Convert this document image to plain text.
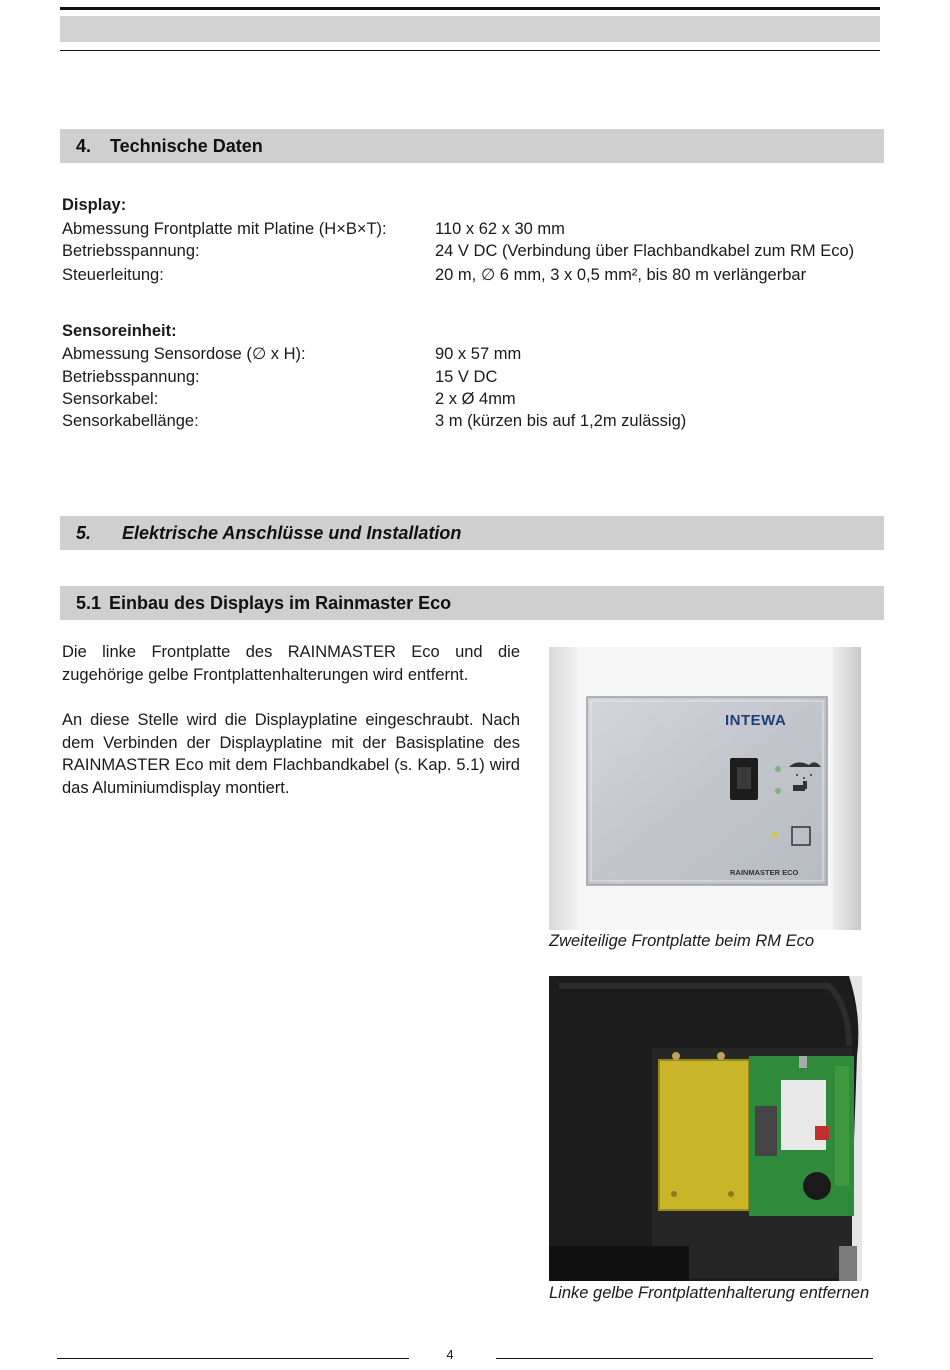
4. Technische Daten
Display:
Abmessung Frontplatte mit Platine (H×B×T):	110 x 62 x 30 mm
Betriebsspannung:	24 V DC (Verbindung über Flachbandkabel zum RM Eco)
Steuerleitung:	20 m, ∅ 6 mm, 3 x 0,5 mm², bis 80 m verlängerbar
Sensoreinheit:
Abmessung Sensordose (∅ x H):	90 x 57 mm
Betriebsspannung:	15 V DC
Sensorkabel:	2 x Ø 4mm
Sensorkabellänge:	3 m (kürzen bis auf 1,2m zulässig)
5. Elektrische Anschlüsse und Installation
5.1 Einbau des Displays im Rainmaster Eco
Die linke Frontplatte des RAINMASTER Eco und die zugehörige gelbe Frontplattenhalterungen wird entfernt.
An diese Stelle wird die Displayplatine eingeschraubt. Nach dem Verbinden der Displayplatine mit der Basisplatine des RAINMASTER Eco mit dem Flachbandkabel (s. Kap. 5.1) wird das Aluminiumdisplay montiert.
INTEWA
RAINMASTER ECO
Zweiteilige Frontplatte beim RM Eco
Linke gelbe Frontplattenhalterung entfernen
4
